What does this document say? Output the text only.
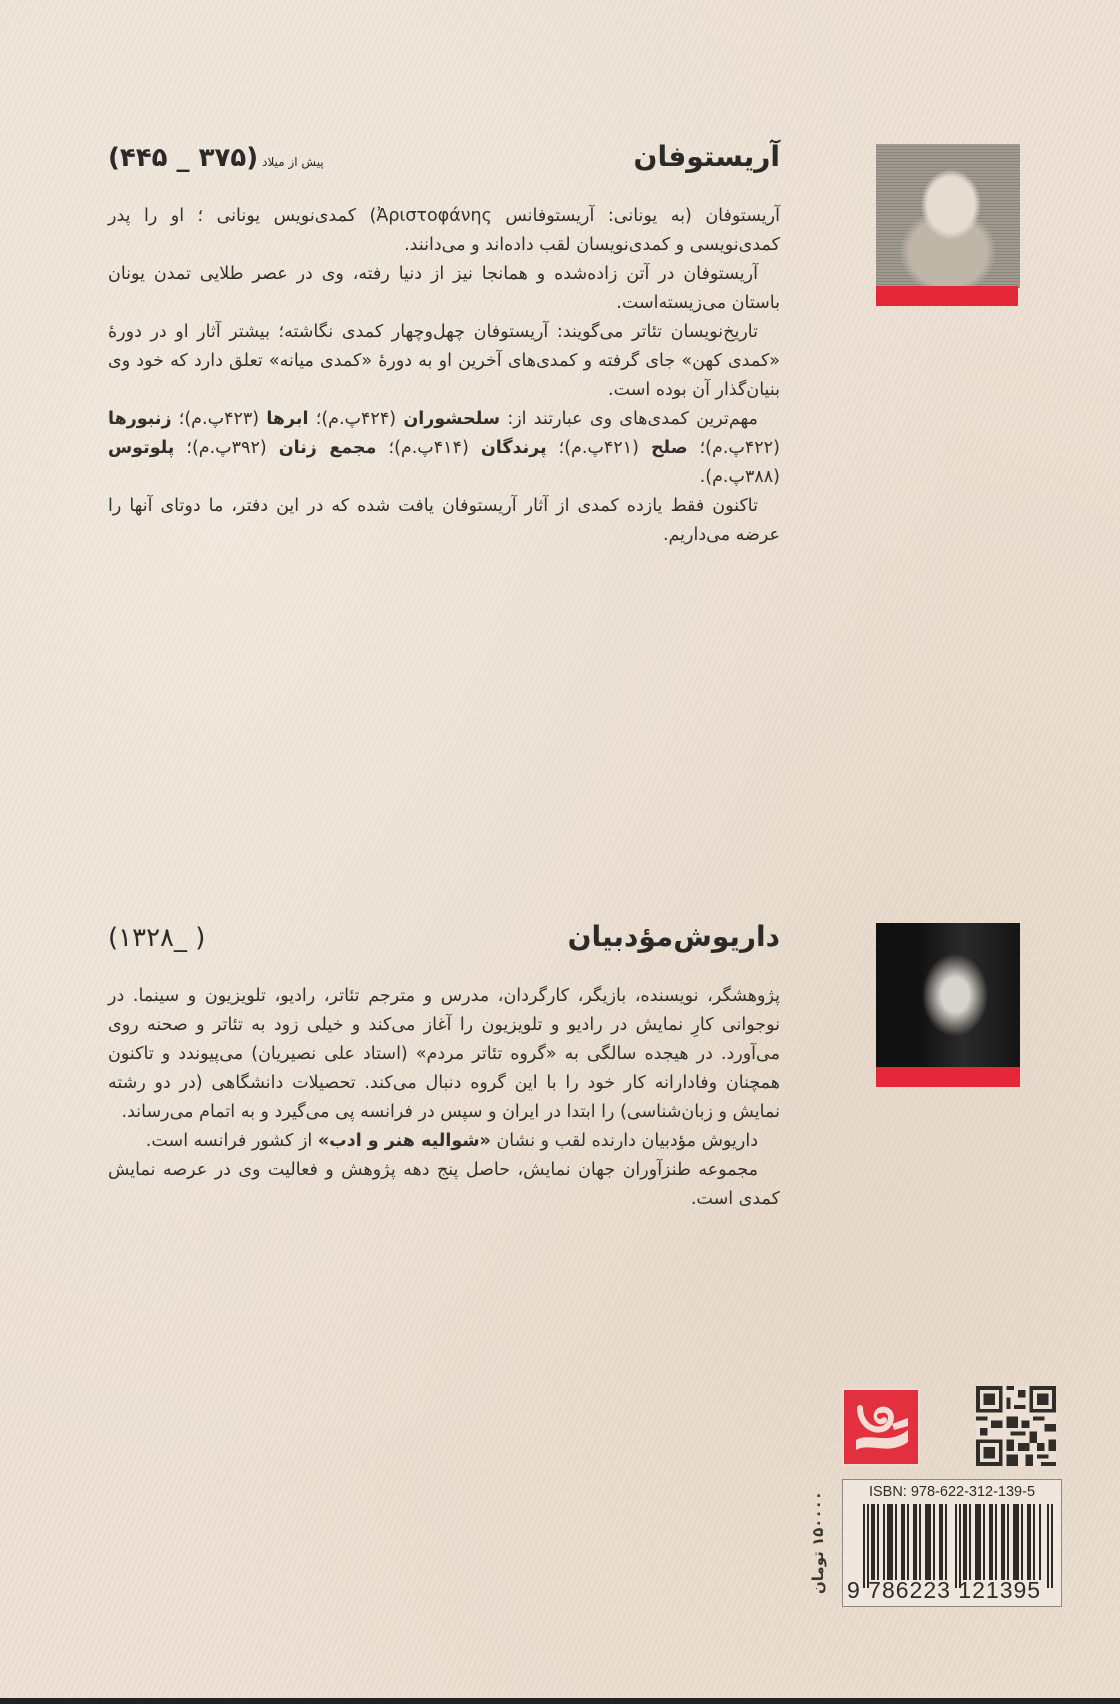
آریستوفان
(۴۴۵ _ ۳۷۵) پیش از میلاد

آریستوفان (به یونانی: آریستوفانس Ἀριστοφάνης) کمدی‌نویس یونانی ؛ او را پدر کمدی‌نویسی و کمدی‌نویسان لقب داده‌اند و می‌دانند.

آریستوفان در آتن زاده‌شده و همانجا نیز از دنیا رفته، وی در عصر طلایی تمدن یونان باستان می‌زیسته‌است.

تاریخ‌نویسان تئاتر می‌گویند: آریستوفان چهل‌وچهار کمدی نگاشته؛ بیشتر آثار او در دورهٔ «کمدی کهن» جای گرفته و کمدی‌های آخرین او به دورهٔ «کمدی میانه» تعلق دارد که خود وی بنیان‌گذار آن بوده است.

مهم‌ترین کمدی‌های وی عبارتند از: سلحشوران (۴۲۴پ.م)؛ ابرها (۴۲۳پ.م)؛ زنبورها (۴۲۲پ.م)؛ صلح (۴۲۱پ.م)؛ پرندگان (۴۱۴پ.م)؛ مجمع زنان (۳۹۲پ.م)؛ پلوتوس (۳۸۸پ.م).

تاکنون فقط یازده کمدی از آثار آریستوفان یافت شده که در این دفتر، ما دوتای آنها را عرضه می‌داریم.

داریوش‌مؤدبیان
(۱۳۲۸_ )

پژوهشگر، نویسنده، بازیگر، کارگردان، مدرس و مترجم تئاتر، رادیو، تلویزیون و سینما. در نوجوانی کارِ نمایش در رادیو و تلویزیون را آغاز می‌کند و خیلی زود به تئاتر و صحنه روی می‌آورد. در هیجده سالگی به «گروه تئاتر مردم» (استاد علی نصیریان) می‌پیوندد و تاکنون همچنان وفادارانه کار خود را با این گروه دنبال می‌کند. تحصیلات دانشگاهی (در دو رشته نمایش و زبان‌شناسی) را ابتدا در ایران و سپس در فرانسه پی می‌گیرد و به اتمام می‌رساند.

داریوش مؤدبیان دارنده لقب و نشان «شوالیه هنر و ادب» از کشور فرانسه است.

مجموعه طنزآوران جهان نمایش، حاصل پنج دهه پژوهش و فعالیت وی در عرصه نمایش کمدی است.

ISBN: 978-622-312-139-5
9 786223 121395
۱۵۰۰۰۰ تومان
